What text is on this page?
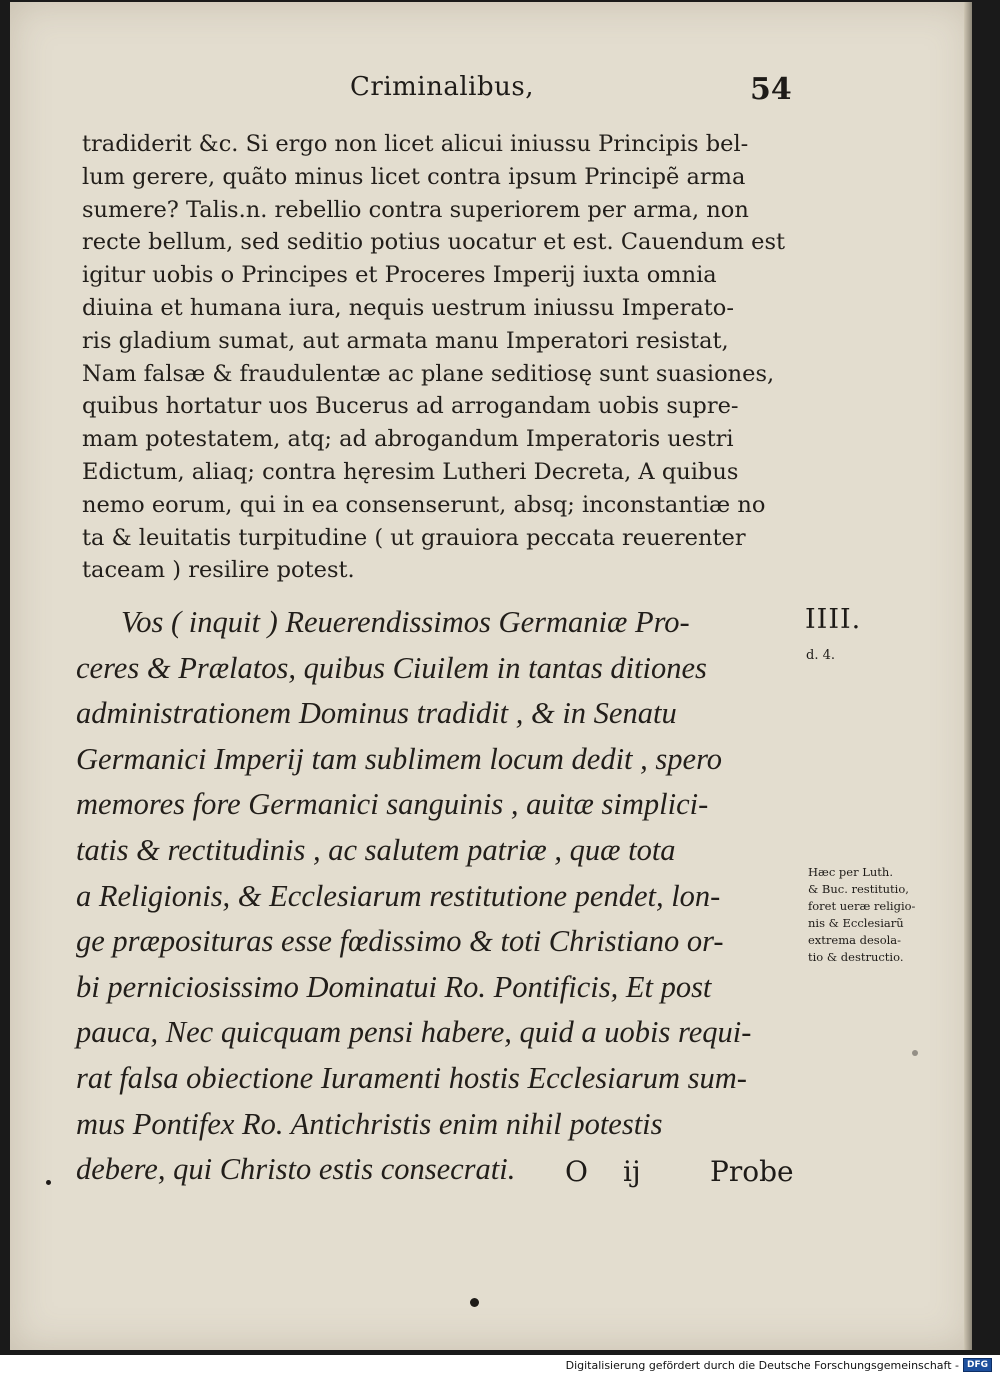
Criminalibus,	54
tradiderit &c. Si ergo non licet alicui iniussu Principis bel-
lum gerere, quãto minus licet contra ipsum Principẽ arma
sumere? Talis.n. rebellio contra superiorem per arma, non
recte bellum, sed seditio potius uocatur et est. Cauendum est
igitur uobis o Principes et Proceres Imperij iuxta omnia
diuina et humana iura, nequis uestrum iniussu Imperato-
ris gladium sumat, aut armata manu Imperatori resistat,
Nam falsæ & fraudulentæ ac plane seditiosę sunt suasiones,
quibus hortatur uos Bucerus ad arrogandam uobis supre-
mam potestatem, atq; ad abrogandum Imperatoris uestri
Edictum, aliaq; contra hęresim Lutheri Decreta, A quibus
nemo eorum, qui in ea consenserunt, absq; inconstantiæ no
ta & leuitatis turpitudine ( ut grauiora peccata reuerenter
taceam ) resilire potest.
Vos ( inquit ) Reuerendissimos Germaniæ Pro-
ceres & Prælatos, quibus Ciuilem in tantas ditiones
administrationem Dominus tradidit , & in Senatu
Germanici Imperij tam sublimem locum dedit , spero
memores fore Germanici sanguinis , auitæ simplici-
tatis & rectitudinis , ac salutem patriæ , quæ tota
a Religionis, & Ecclesiarum restitutione pendet, lon-
ge præposituras esse fœdissimo & toti Christiano or-
bi perniciosissimo Dominatui Ro. Pontificis, Et post
pauca, Nec quicquam pensi habere, quid a uobis requi-
rat falsa obiectione Iuramenti hostis Ecclesiarum sum-
mus Pontifex Ro. Antichristis enim nihil potestis
debere, qui Christo estis consecrati.
IIII.
d. 4.
Hæc per Luth.
& Buc. restitutio,
foret ueræ religio-
nis & Ecclesiarũ
extrema desola-
tio & destructio.
O ij Probe
Digitalisierung gefördert durch die Deutsche Forschungsgemeinschaft - DFG
